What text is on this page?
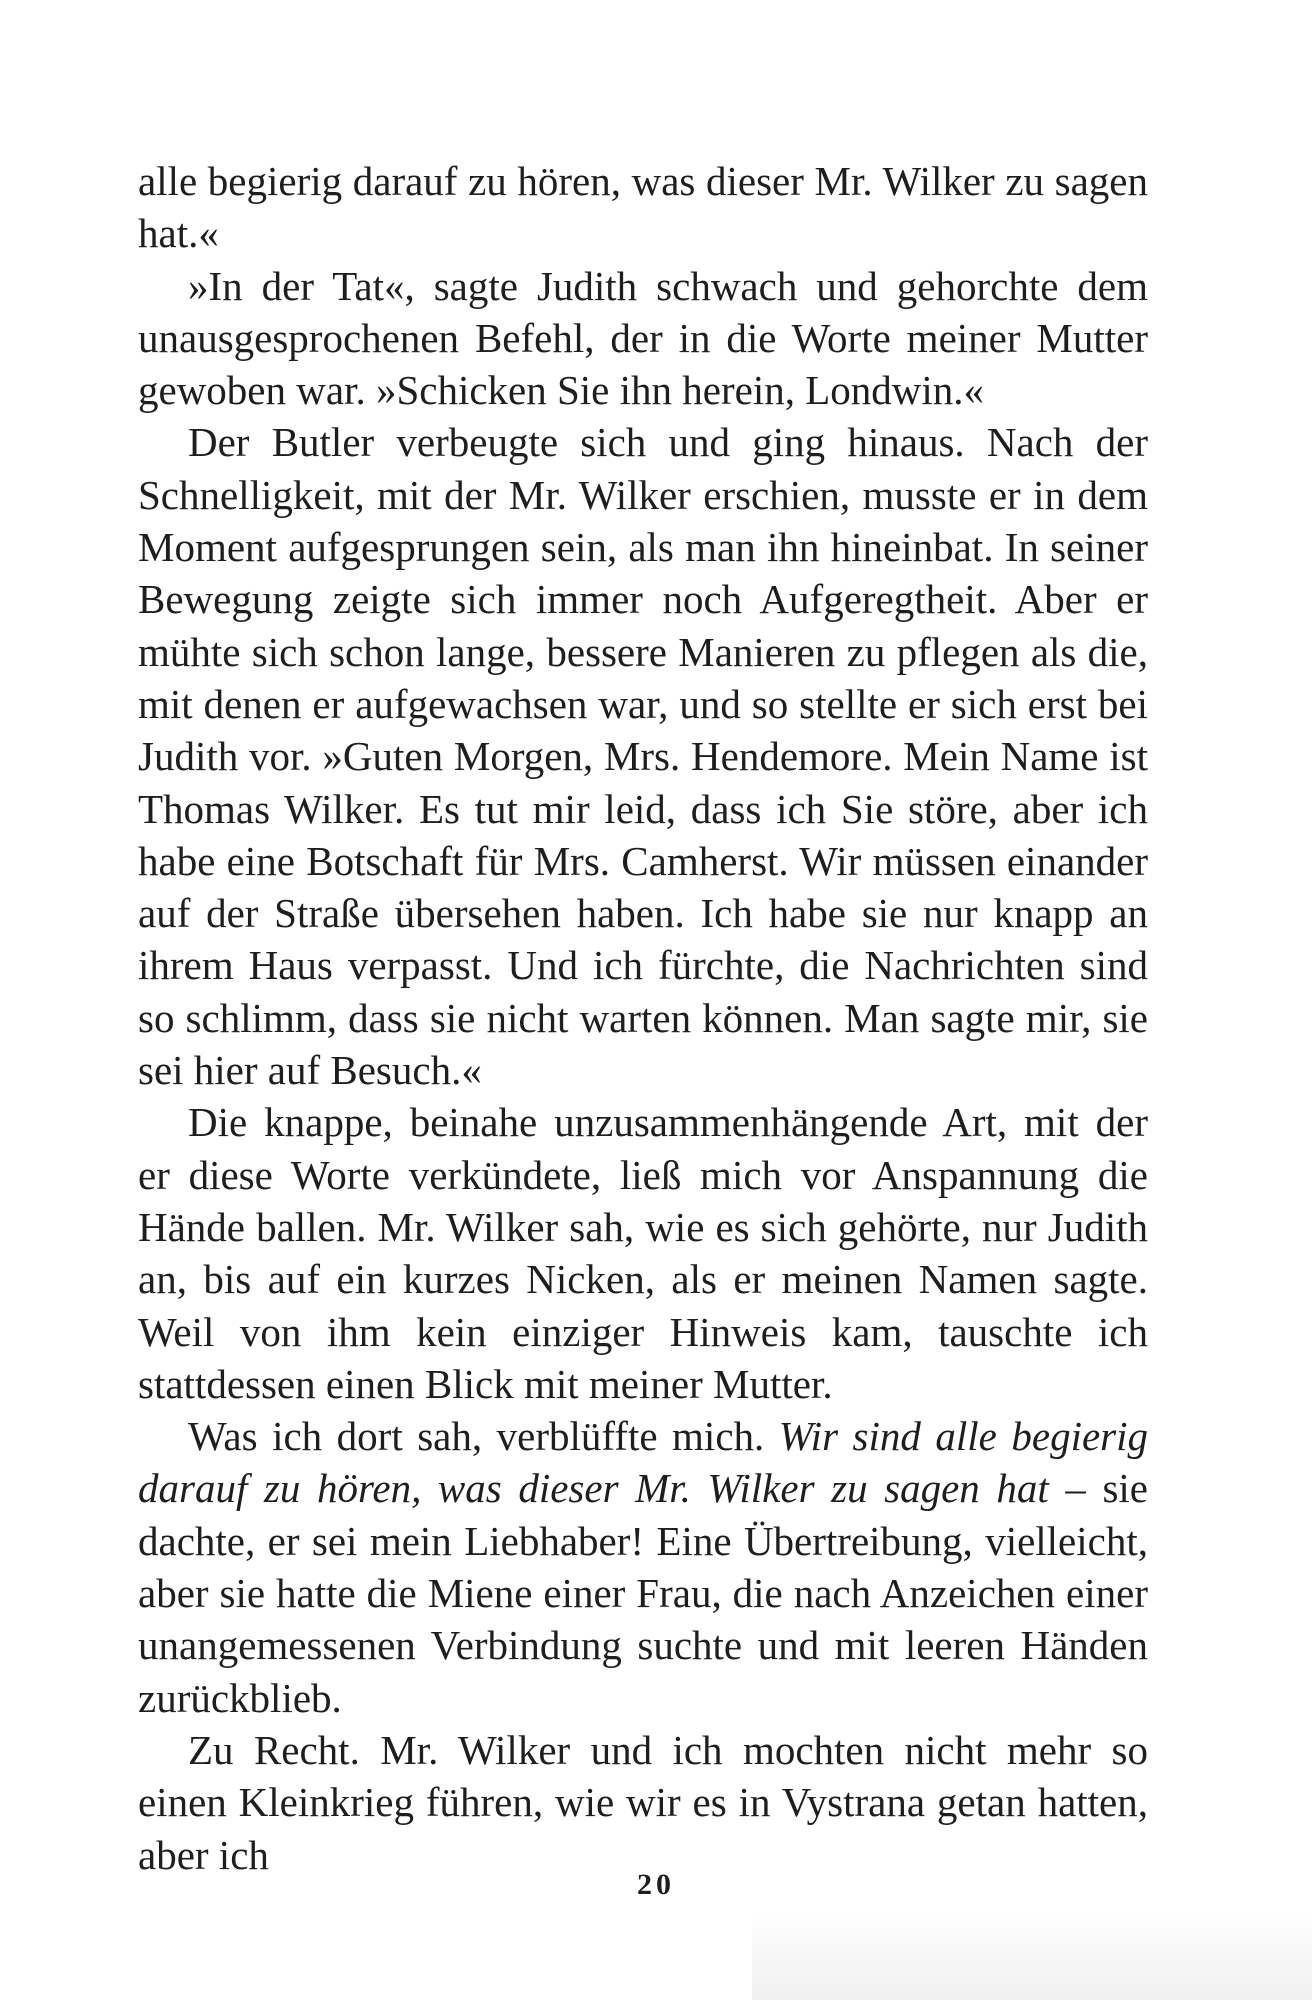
alle begierig darauf zu hören, was dieser Mr. Wilker zu sagen hat.«

»In der Tat«, sagte Judith schwach und gehorchte dem unausgesprochenen Befehl, der in die Worte meiner Mutter gewoben war. »Schicken Sie ihn herein, Londwin.«

Der Butler verbeugte sich und ging hinaus. Nach der Schnelligkeit, mit der Mr. Wilker erschien, musste er in dem Moment aufgesprungen sein, als man ihn hineinbat. In seiner Bewegung zeigte sich immer noch Aufgeregtheit. Aber er mühte sich schon lange, bessere Manieren zu pflegen als die, mit denen er aufgewachsen war, und so stellte er sich erst bei Judith vor. »Guten Morgen, Mrs. Hendemore. Mein Name ist Thomas Wilker. Es tut mir leid, dass ich Sie störe, aber ich habe eine Botschaft für Mrs. Camherst. Wir müssen einander auf der Straße übersehen haben. Ich habe sie nur knapp an ihrem Haus verpasst. Und ich fürchte, die Nachrichten sind so schlimm, dass sie nicht warten können. Man sagte mir, sie sei hier auf Besuch.«

Die knappe, beinahe unzusammenhängende Art, mit der er diese Worte verkündete, ließ mich vor Anspannung die Hände ballen. Mr. Wilker sah, wie es sich gehörte, nur Judith an, bis auf ein kurzes Nicken, als er meinen Namen sagte. Weil von ihm kein einziger Hinweis kam, tauschte ich stattdessen einen Blick mit meiner Mutter.

Was ich dort sah, verblüffte mich. Wir sind alle begierig darauf zu hören, was dieser Mr. Wilker zu sagen hat – sie dachte, er sei mein Liebhaber! Eine Übertreibung, vielleicht, aber sie hatte die Miene einer Frau, die nach Anzeichen einer unangemessenen Verbindung suchte und mit leeren Händen zurückblieb.

Zu Recht. Mr. Wilker und ich mochten nicht mehr so einen Kleinkrieg führen, wie wir es in Vystrana getan hatten, aber ich

20
